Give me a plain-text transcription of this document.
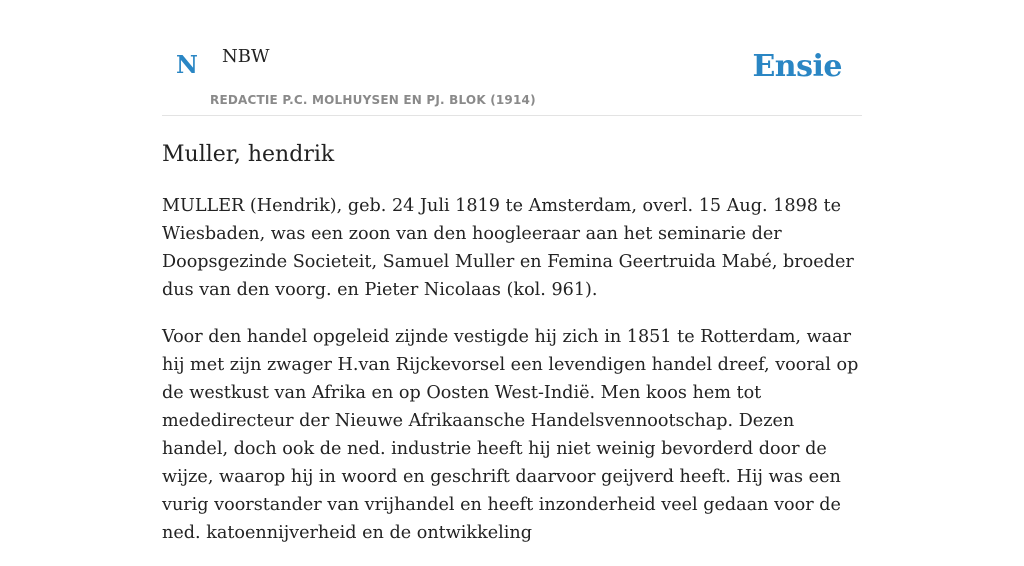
N NBW
REDACTIE P.C. MOLHUYSEN EN PJ. BLOK (1914)
Ensie
Muller, hendrik

MULLER (Hendrik), geb. 24 Juli 1819 te Amsterdam, overl. 15 Aug. 1898 te Wiesbaden, was een zoon van den hoogleeraar aan het seminarie der Doopsgezinde Societeit, Samuel Muller en Femina Geertruida Mabé, broeder dus van den voorg. en Pieter Nicolaas (kol. 961).

Voor den handel opgeleid zijnde vestigde hij zich in 1851 te Rotterdam, waar hij met zijn zwager H.van Rijckevorsel een levendigen handel dreef, vooral op de westkust van Afrika en op Oosten West-Indië. Men koos hem tot mededirecteur der Nieuwe Afrikaansche Handelsvennootschap. Dezen handel, doch ook de ned. industrie heeft hij niet weinig bevorderd door de wijze, waarop hij in woord en geschrift daarvoor geijverd heeft. Hij was een vurig voorstander van vrijhandel en heeft inzonderheid veel gedaan voor de ned. katoennijverheid en de ontwikkeling
